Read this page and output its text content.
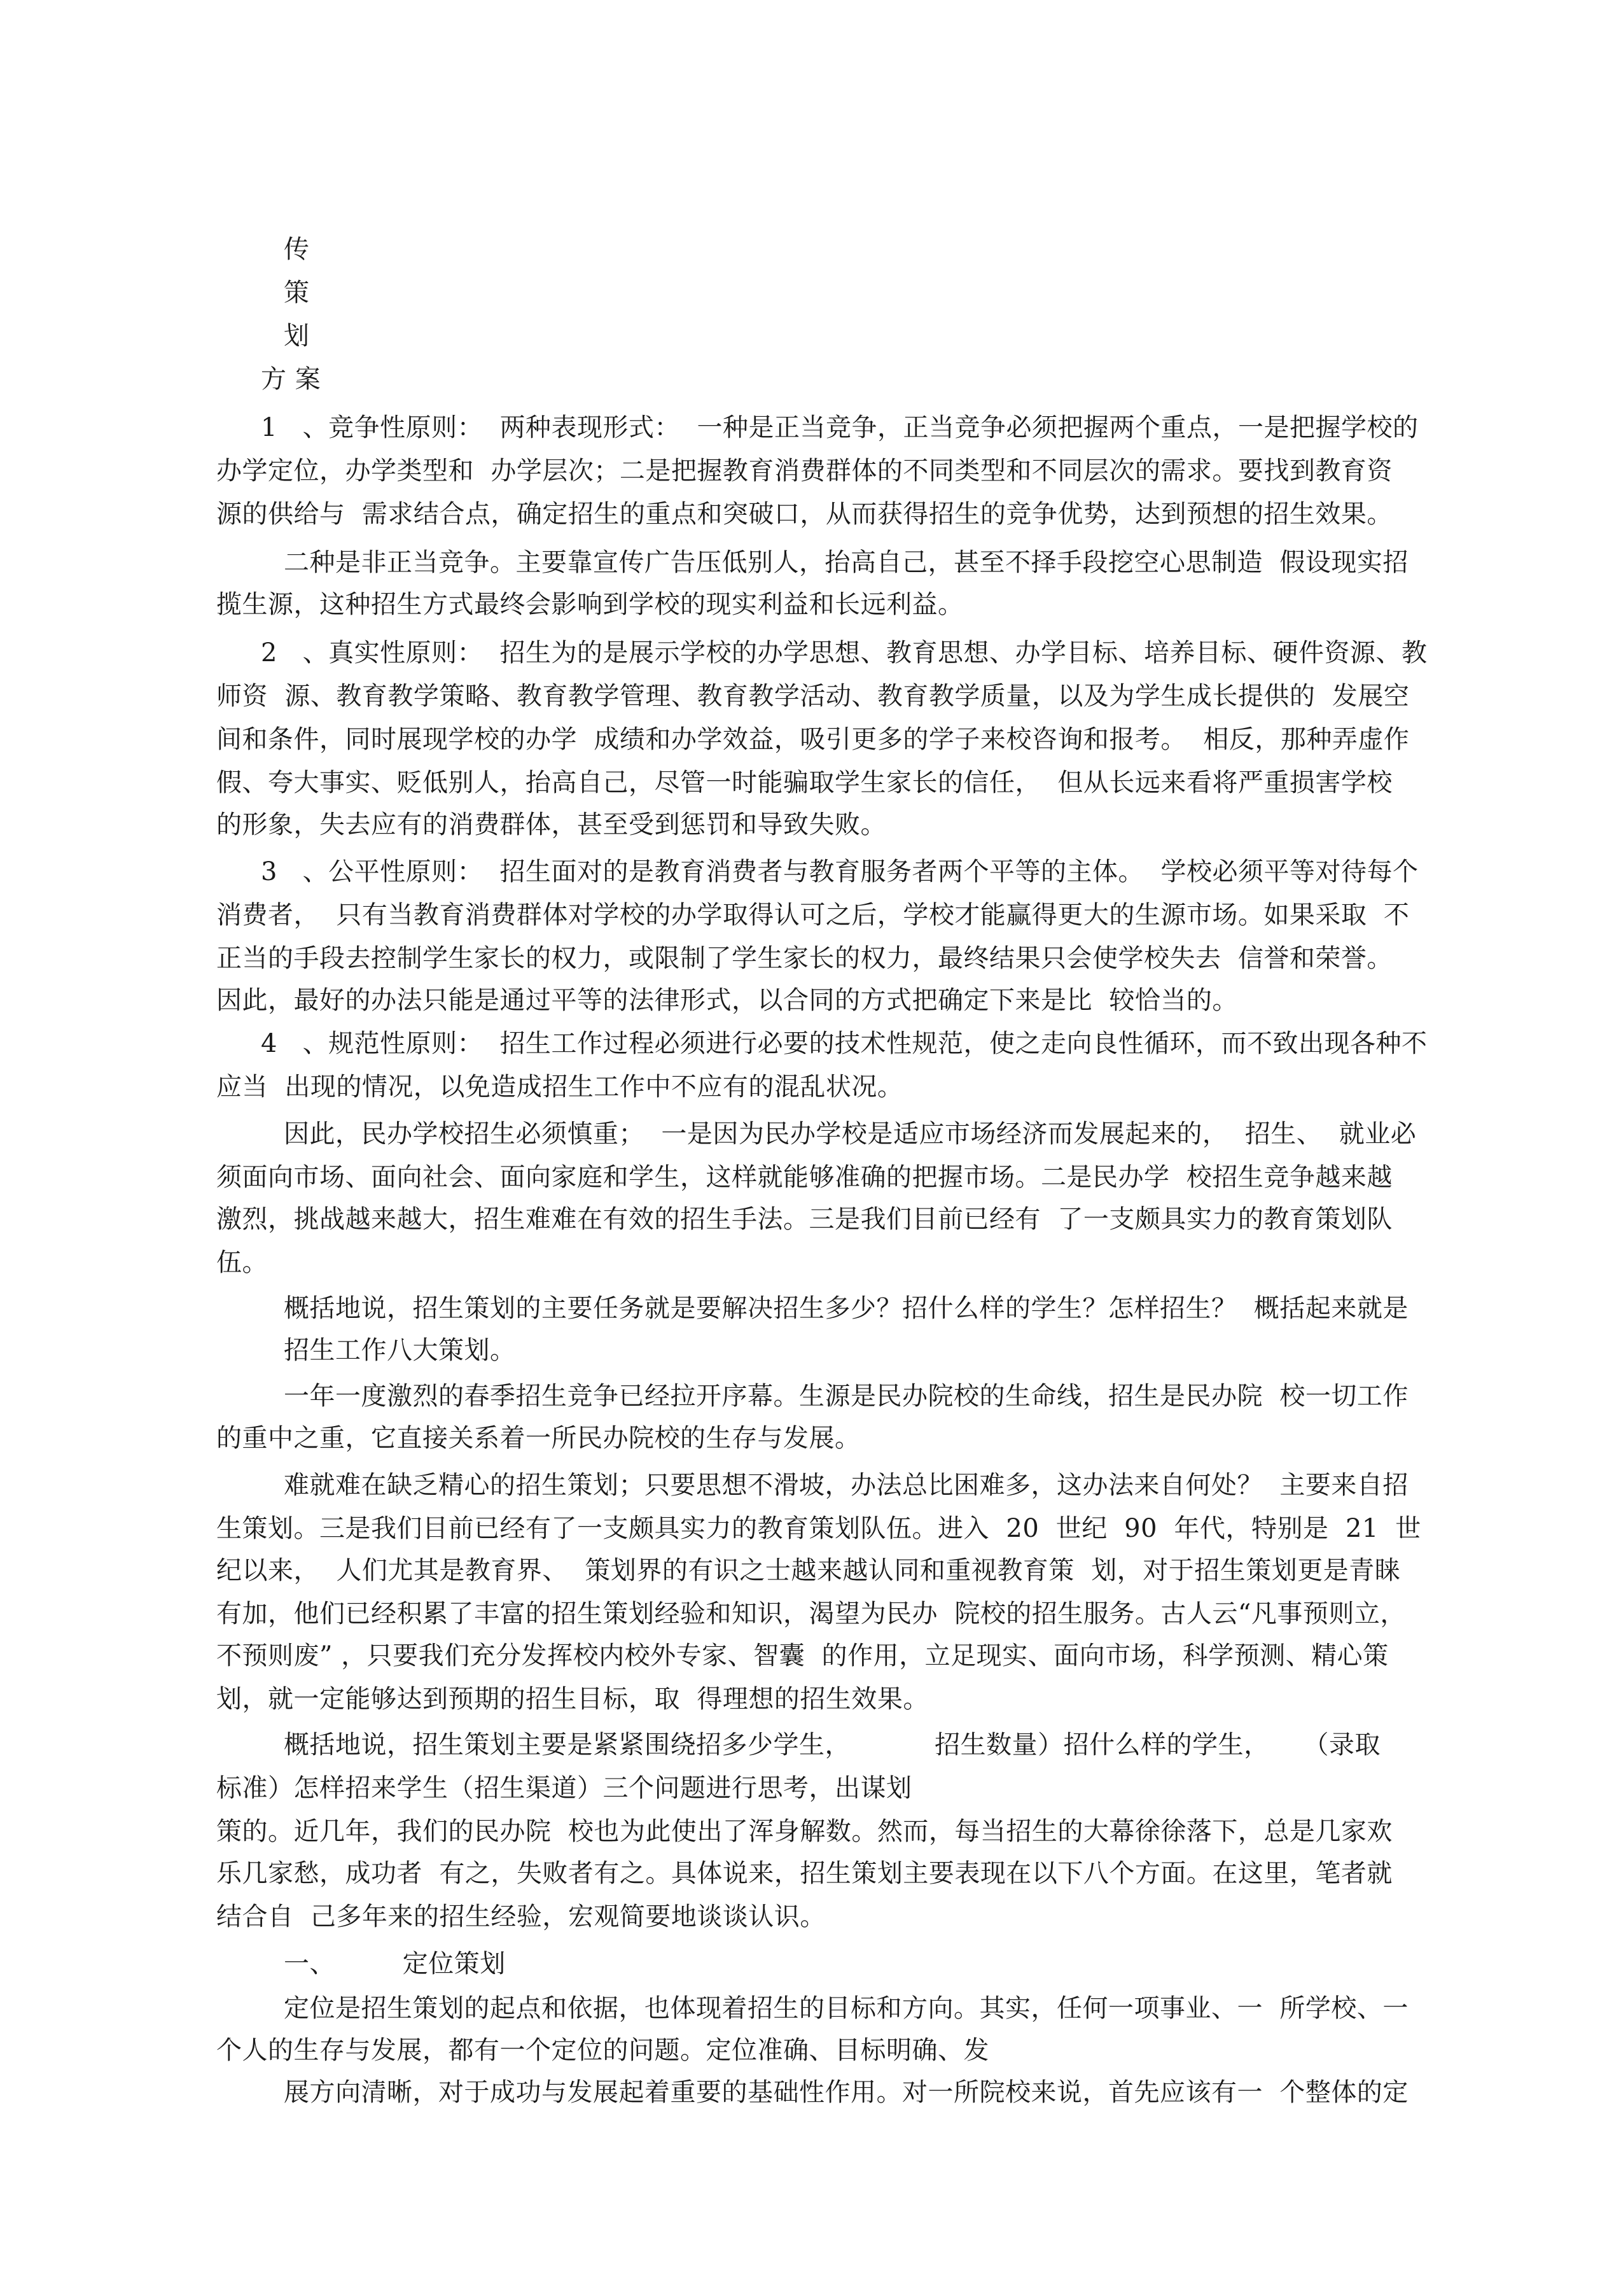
传
策
划
方 案
1   、竞争性原则：  两种表现形式：  一种是正当竞争，正当竞争必须把握两个重点，一是把握学校的
办学定位，办学类型和  办学层次；二是把握教育消费群体的不同类型和不同层次的需求。要找到教育资
源的供给与  需求结合点，确定招生的重点和突破口，从而获得招生的竞争优势，达到预想的招生效果。
二种是非正当竞争。主要靠宣传广告压低别人，抬高自己，甚至不择手段挖空心思制造  假设现实招
揽生源，这种招生方式最终会影响到学校的现实利益和长远利益。
2   、真实性原则：  招生为的是展示学校的办学思想、教育思想、办学目标、培养目标、硬件资源、教
师资  源、教育教学策略、教育教学管理、教育教学活动、教育教学质量，以及为学生成长提供的  发展空
间和条件，同时展现学校的办学  成绩和办学效益，吸引更多的学子来校咨询和报考。  相反，那种弄虚作
假、夸大事实、贬低别人，抬高自己，尽管一时能骗取学生家长的信任，  但从长远来看将严重损害学校
的形象，失去应有的消费群体，甚至受到惩罚和导致失败。
3   、公平性原则：  招生面对的是教育消费者与教育服务者两个平等的主体。  学校必须平等对待每个
消费者，  只有当教育消费群体对学校的办学取得认可之后，学校才能赢得更大的生源市场。如果采取  不
正当的手段去控制学生家长的权力，或限制了学生家长的权力，最终结果只会使学校失去  信誉和荣誉。
因此，最好的办法只能是通过平等的法律形式，以合同的方式把确定下来是比  较恰当的。
4   、规范性原则：  招生工作过程必须进行必要的技术性规范，使之走向良性循环，而不致出现各种不
应当  出现的情况，以免造成招生工作中不应有的混乱状况。
因此，民办学校招生必须慎重；  一是因为民办学校是适应市场经济而发展起来的，  招生、  就业必
须面向市场、面向社会、面向家庭和学生，这样就能够准确的把握市场。二是民办学  校招生竞争越来越
激烈，挑战越来越大，招生难难在有效的招生手法。三是我们目前已经有  了一支颇具实力的教育策划队
伍。
概括地说，招生策划的主要任务就是要解决招生多少？招什么样的学生？怎样招生？  概括起来就是
招生工作八大策划。
一年一度激烈的春季招生竞争已经拉开序幕。生源是民办院校的生命线，招生是民办院  校一切工作
的重中之重，它直接关系着一所民办院校的生存与发展。
难就难在缺乏精心的招生策划；只要思想不滑坡，办法总比困难多，这办法来自何处？  主要来自招
生策划。三是我们目前已经有了一支颇具实力的教育策划队伍。进入  20  世纪  90  年代，特别是  21  世
纪以来，  人们尤其是教育界、  策划界的有识之士越来越认同和重视教育策  划，对于招生策划更是青睐
有加，他们已经积累了丰富的招生策划经验和知识，渴望为民办  院校的招生服务。古人云“凡事预则立，
不预则废” ，只要我们充分发挥校内校外专家、智囊  的作用，立足现实、面向市场，科学预测、精心策
划，就一定能够达到预期的招生目标，取  得理想的招生效果。
概括地说，招生策划主要是紧紧围绕招多少学生，          招生数量）招什么样的学生，    （录取
标准）怎样招来学生（招生渠道）三个问题进行思考，出谋划
策的。近几年，我们的民办院  校也为此使出了浑身解数。然而，每当招生的大幕徐徐落下，总是几家欢
乐几家愁，成功者  有之，失败者有之。具体说来，招生策划主要表现在以下八个方面。在这里，笔者就
结合自  己多年来的招生经验，宏观简要地谈谈认识。
一、        定位策划
定位是招生策划的起点和依据，也体现着招生的目标和方向。其实，任何一项事业、一  所学校、一
个人的生存与发展，都有一个定位的问题。定位准确、目标明确、发
展方向清晰，对于成功与发展起着重要的基础性作用。对一所院校来说，首先应该有一  个整体的定
